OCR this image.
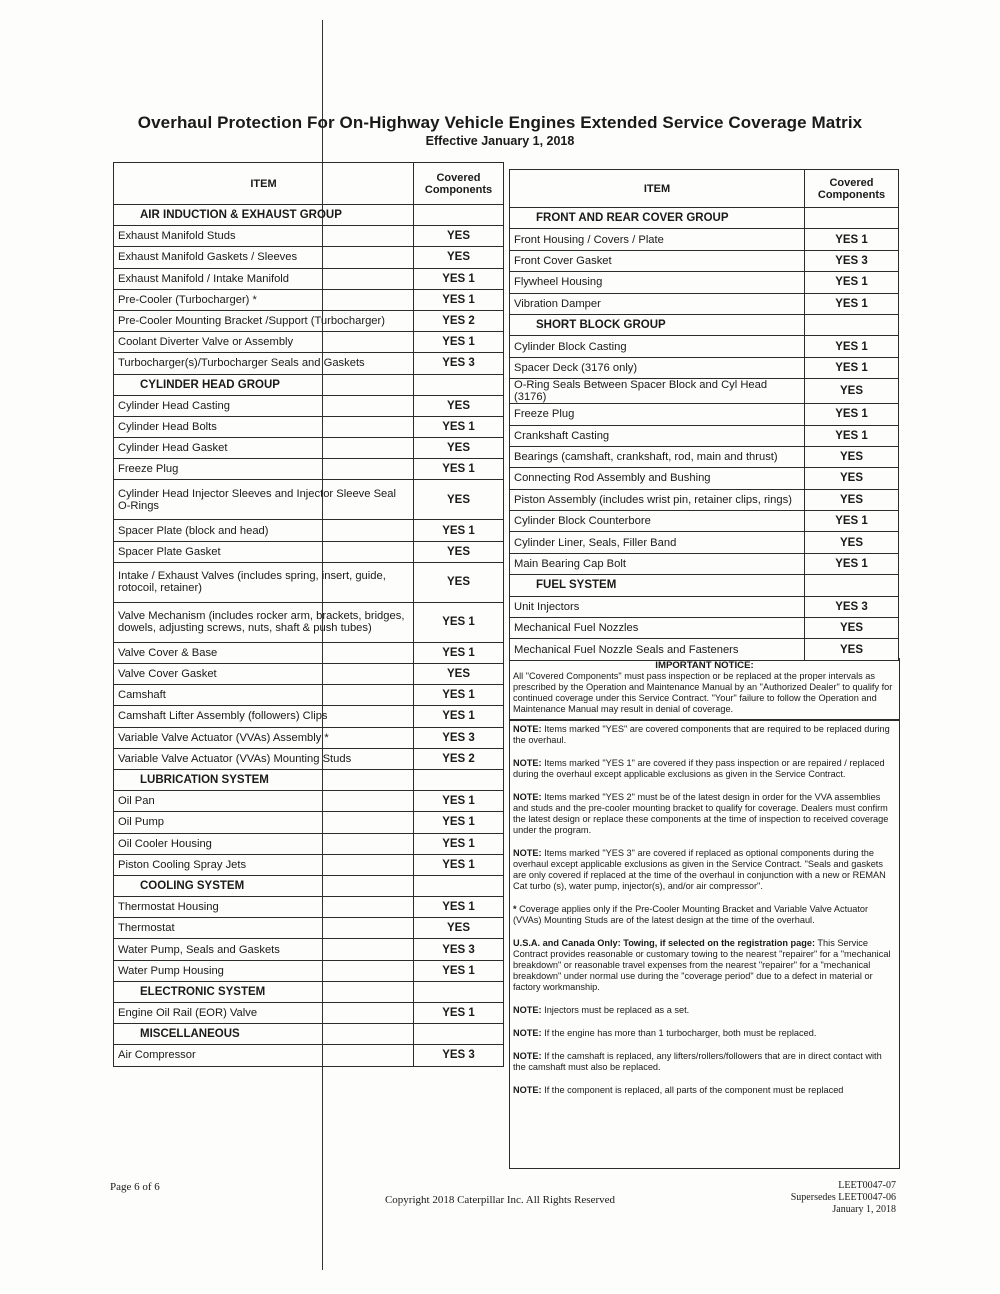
Overhaul Protection For On-Highway Vehicle Engines Extended Service Coverage Matrix
Effective January 1, 2018
ITEM	Covered Components
AIR INDUCTION & EXHAUST GROUP	
Exhaust Manifold Studs	YES
Exhaust Manifold Gaskets / Sleeves	YES
Exhaust Manifold / Intake Manifold	YES 1
Pre-Cooler (Turbocharger) *	YES 1
Pre-Cooler Mounting Bracket /Support (Turbocharger)	YES 2
Coolant Diverter Valve or Assembly	YES 1
Turbocharger(s)/Turbocharger Seals and Gaskets	YES 3
CYLINDER HEAD GROUP	
Cylinder Head Casting	YES
Cylinder Head Bolts	YES 1
Cylinder Head Gasket	YES
Freeze Plug	YES 1
Cylinder Head Injector Sleeves and Injector Sleeve Seal O-Rings	YES
Spacer Plate (block and head)	YES 1
Spacer Plate Gasket	YES
Intake / Exhaust Valves (includes spring, insert, guide, rotocoil, retainer)	YES
Valve Mechanism (includes rocker arm, brackets, bridges, dowels, adjusting screws, nuts, shaft & push tubes)	YES 1
Valve Cover & Base	YES 1
Valve Cover Gasket	YES
Camshaft	YES 1
Camshaft Lifter Assembly (followers) Clips	YES 1
Variable Valve Actuator (VVAs) Assembly *	YES 3
Variable Valve Actuator (VVAs) Mounting Studs	YES 2
LUBRICATION SYSTEM	
Oil Pan	YES 1
Oil Pump	YES 1
Oil Cooler Housing	YES 1
Piston Cooling Spray Jets	YES 1
COOLING SYSTEM	
Thermostat Housing	YES 1
Thermostat	YES
Water Pump, Seals and Gaskets	YES 3
Water Pump Housing	YES 1
ELECTRONIC SYSTEM	
Engine Oil Rail (EOR) Valve	YES 1
MISCELLANEOUS	
Air Compressor	YES 3
ITEM	Covered Components
FRONT AND REAR COVER GROUP	
Front Housing / Covers / Plate	YES 1
Front Cover Gasket	YES 3
Flywheel Housing	YES 1
Vibration Damper	YES 1
SHORT BLOCK GROUP	
Cylinder Block Casting	YES 1
Spacer Deck (3176 only)	YES 1
O-Ring Seals Between Spacer Block and Cyl Head (3176)	YES
Freeze Plug	YES 1
Crankshaft Casting	YES 1
Bearings (camshaft, crankshaft, rod, main and thrust)	YES
Connecting Rod Assembly and Bushing	YES
Piston Assembly (includes wrist pin, retainer clips, rings)	YES
Cylinder Block Counterbore	YES 1
Cylinder Liner, Seals, Filler Band	YES
Main Bearing Cap Bolt	YES 1
FUEL SYSTEM	
Unit Injectors	YES 3
Mechanical Fuel Nozzles	YES
Mechanical Fuel Nozzle Seals and Fasteners	YES
IMPORTANT NOTICE:
All "Covered Components" must pass inspection or be replaced at the proper intervals as prescribed by the Operation and Maintenance Manual by an "Authorized Dealer" to qualify for continued coverage under this Service Contract. "Your" failure to follow the Operation and Maintenance Manual may result in denial of coverage.
NOTE: Items marked "YES" are covered components that are required to be replaced during the overhaul.
NOTE: Items marked "YES 1" are covered if they pass inspection or are repaired / replaced during the overhaul except applicable exclusions as given in the Service Contract.
NOTE: Items marked "YES 2" must be of the latest design in order for the VVA assemblies and studs and the pre-cooler mounting bracket to qualify for coverage. Dealers must confirm the latest design or replace these components at the time of inspection to received coverage under the program.
NOTE: Items marked "YES 3" are covered if replaced as optional components during the overhaul except applicable exclusions as given in the Service Contract. "Seals and gaskets are only covered if replaced at the time of the overhaul in conjunction with a new or REMAN Cat turbo (s), water pump, injector(s), and/or air compressor".
* Coverage applies only if the Pre-Cooler Mounting Bracket and Variable Valve Actuator (VVAs) Mounting Studs are of the latest design at the time of the overhaul.
U.S.A. and Canada Only: Towing, if selected on the registration page: This Service Contract provides reasonable or customary towing to the nearest "repairer" for a "mechanical breakdown" or reasonable travel expenses from the nearest "repairer" for a "mechanical breakdown" under normal use during the "coverage period" due to a defect in material or factory workmanship.
NOTE: Injectors must be replaced as a set.
NOTE: If the engine has more than 1 turbocharger, both must be replaced.
NOTE: If the camshaft is replaced, any lifters/rollers/followers that are in direct contact with the camshaft must also be replaced.
NOTE: If the component is replaced, all parts of the component must be replaced
Page 6 of 6
Copyright 2018 Caterpillar Inc. All Rights Reserved
LEET0047-07
Supersedes LEET0047-06
January 1, 2018
